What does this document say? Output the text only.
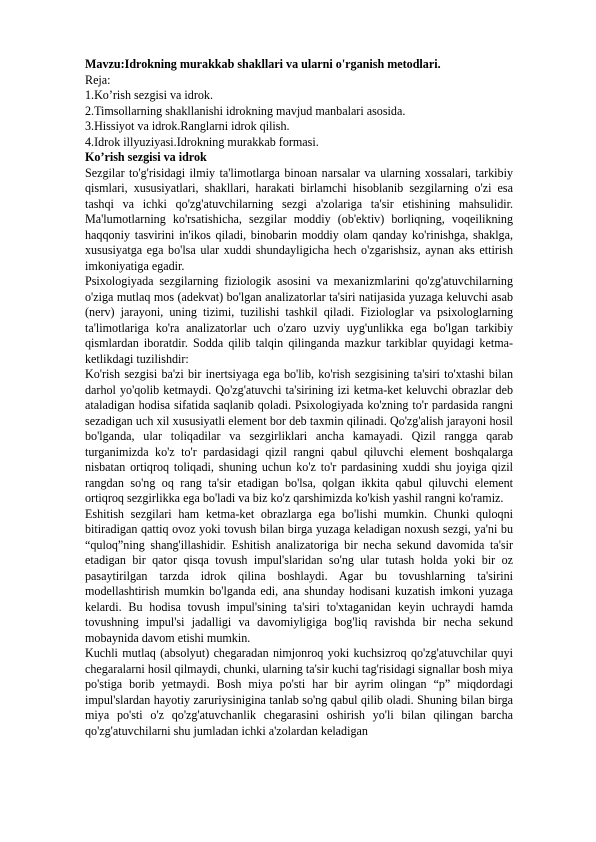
Mavzu:Idrokning murakkab shakllari va ularni o'rganish metodlari.

Reja:

1.Ko’rish sezgisi va idrok.

2.Timsollarning shakllanishi idrokning mavjud manbalari asosida.

3.Hissiyot va idrok.Ranglarni idrok qilish.

4.Idrok illyuziyasi.Idrokning murakkab formasi.

Ko’rish sezgisi va idrok

Sezgilar to'g'risidagi ilmiy ta'limotlarga binoan narsalar va ularning xossalari, tarkibiy qismlari, xususiyatlari, shakllari, harakati birlamchi hisoblanib sezgilarning o'zi esa tashqi va ichki qo'zg'atuvchilarning sezgi a'zolariga ta'sir etishining mahsulidir. Ma'lumotlarning ko'rsatishicha, sezgilar moddiy (ob'ektiv) borliqning, voqeilikning haqqoniy tasvirini in'ikos qiladi, binobarin moddiy olam qanday ko'rinishga, shaklga, xususiyatga ega bo'lsa ular xuddi shundayligicha hech o'zgarishsiz, aynan aks ettirish imkoniyatiga egadir.

Psixologiyada sezgilarning fiziologik asosini va mexanizmlarini qo'zg'atuvchilarning o'ziga mutlaq mos (adekvat) bo'lgan analizatorlar ta'siri natijasida yuzaga keluvchi asab (nerv) jarayoni, uning tizimi, tuzilishi tashkil qiladi. Fiziologlar va psixologlarning ta'limotlariga ko'ra analizatorlar uch o'zaro uzviy uyg'unlikka ega bo'lgan tarkibiy qismlardan iboratdir. Sodda qilib talqin qilinganda mazkur tarkiblar quyidagi ketma-ketlikdagi tuzilishdir:

Ko'rish sezgisi ba'zi bir inertsiyaga ega bo'lib, ko'rish sezgisining ta'siri to'xtashi bilan darhol yo'qolib ketmaydi. Qo'zg'atuvchi ta'sirining izi ketma-ket keluvchi obrazlar deb ataladigan hodisa sifatida saqlanib qoladi. Psixologiyada ko'zning to'r pardasida rangni sezadigan uch xil xususiyatli element bor deb taxmin qilinadi. Qo'zg'alish jarayoni hosil bo'lganda, ular toliqadilar va sezgirliklari ancha kamayadi. Qizil rangga qarab turganimizda ko'z to'r pardasidagi qizil rangni qabul qiluvchi element boshqalarga nisbatan ortiqroq toliqadi, shuning uchun ko'z to'r pardasining xuddi shu joyiga qizil rangdan so'ng oq rang ta'sir etadigan bo'lsa, qolgan ikkita qabul qiluvchi element ortiqroq sezgirlikka ega bo'ladi va biz ko'z qarshimizda ko'kish yashil rangni ko'ramiz.

Eshitish sezgilari ham ketma-ket obrazlarga ega bo'lishi mumkin. Chunki quloqni bitiradigan qattiq ovoz yoki tovush bilan birga yuzaga keladigan noxush sezgi, ya'ni bu “quloq”ning shang'illashidir. Eshitish analizatoriga bir necha sekund davomida ta'sir etadigan bir qator qisqa tovush impul'slaridan so'ng ular tutash holda yoki bir oz pasaytirilgan tarzda idrok qilina boshlaydi. Agar bu tovushlarning ta'sirini modellashtirish mumkin bo'lganda edi, ana shunday hodisani kuzatish imkoni yuzaga kelardi. Bu hodisa tovush impul'sining ta'siri to'xtaganidan keyin uchraydi hamda tovushning impul'si jadalligi va davomiyligiga bog'liq ravishda bir necha sekund mobaynida davom etishi mumkin.

Kuchli mutlaq (absolyut) chegaradan nimjonroq yoki kuchsizroq qo'zg'atuvchilar quyi chegaralarni hosil qilmaydi, chunki, ularning ta'sir kuchi tag'risidagi signallar bosh miya po'stiga borib yetmaydi. Bosh miya po'sti har bir ayrim olingan “p” miqdordagi impul'slardan hayotiy zaruriysinigina tanlab so'ng qabul qilib oladi. Shuning bilan birga miya po'sti o'z qo'zg'atuvchanlik chegarasini oshirish yo'li bilan qilingan barcha qo'zg'atuvchilarni shu jumladan ichki a'zolardan keladigan
